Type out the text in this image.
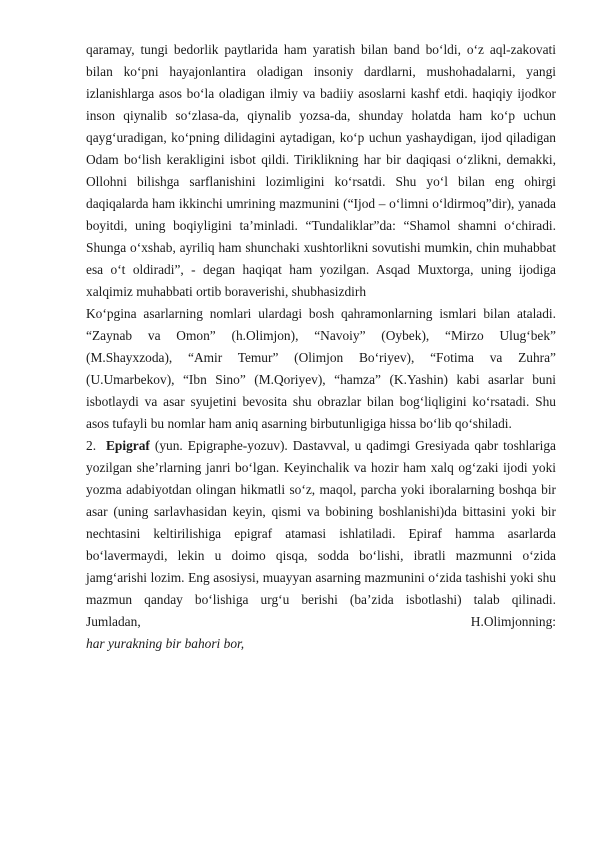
qaramay, tungi bedorlik paytlarida ham yaratish bilan band bo‘ldi, o‘z aql-zakovati bilan ko‘pni hayajonlantira oladigan insoniy dardlarni, mushohadalarni, yangi izlanishlarga asos bo‘la oladigan ilmiy va badiiy asoslarni kashf etdi. haqiqiy ijodkor inson qiynalib so‘zlasa-da, qiynalib yozsa-da, shunday holatda ham ko‘p uchun qayg‘uradigan, ko‘pning dilidagini aytadigan, ko‘p uchun yashaydigan, ijod qiladigan Odam bo‘lish kerakligini isbot qildi. Tiriklikning har bir daqiqasi o‘zlikni, demakki, Ollohni bilishga sarflanishini lozimligini ko‘rsatdi. Shu yo‘l bilan eng ohirgi daqiqalarda ham ikkinchi umrining mazmunini (“Ijod – o‘limni o‘ldirmoq”dir), yanada boyitdi, uning boqiyligini ta’minladi. “Tundaliklar”da: “Shamol shamni o‘chiradi. Shunga o‘xshab, ayriliq ham shunchaki xushtorlikni sovutishi mumkin, chin muhabbat esa o‘t oldiradi”, - degan haqiqat ham yozilgan. Asqad Muxtorga, uning ijodiga xalqimiz muhabbati ortib boraverishi, shubhasizdirh

Ko‘pgina asarlarning nomlari ulardagi bosh qahramonlarning ismlari bilan ataladi. “Zaynab va Omon” (h.Olimjon), “Navoiy” (Oybek), “Mirzo Ulug‘bek” (M.Shayxzoda), “Amir Temur” (Olimjon Bo‘riyev), “Fotima va Zuhra” (U.Umarbekov), “Ibn Sino” (M.Qoriyev), “hamza” (K.Yashin) kabi asarlar buni isbotlaydi va asar syujetini bevosita shu obrazlar bilan bog‘liqligini ko‘rsatadi. Shu asos tufayli bu nomlar ham aniq asarning birbutunligiga hissa bo‘lib qo‘shiladi.

2. Epigraf (yun. Epigraphe-yozuv). Dastavval, u qadimgi Gresiyada qabr toshlariga yozilgan she’rlarning janri bo‘lgan. Keyinchalik va hozir ham xalq og‘zaki ijodi yoki yozma adabiyotdan olingan hikmatli so‘z, maqol, parcha yoki iboralarning boshqa bir asar (uning sarlavhasidan keyin, qismi va bobining boshlanishi)da bittasini yoki bir nechtasini keltirilishiga epigraf atamasi ishlatiladi. Epiraf hamma asarlarda bo‘lavermaydi, lekin u doimo qisqa, sodda bo‘lishi, ibratli mazmunni o‘zida jamg‘arishi lozim. Eng asosiysi, muayyan asarning mazmunini o‘zida tashishi yoki shu mazmun qanday bo‘lishiga urg‘u berishi (ba’zida isbotlashi) talab qilinadi.

Jumladan, H.Olimjonning:

har yurakning bir bahori bor,
